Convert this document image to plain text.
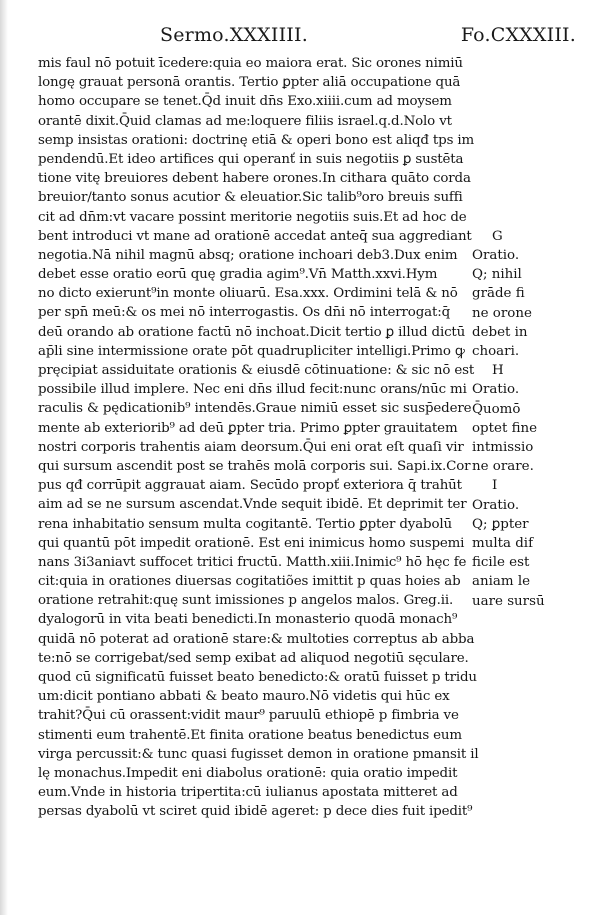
Sermo.XXXIIII.	Fo.CXXXIII.
mis faul nō potuit īcedere:quia eo maiora erat. Sic orones nimiū
longę grauat personā orantis. Tertio ꝑpter aliā occupatione quā
homo occupare se tenet.Q̄d inuit dn̄s Exo.xiiii.cum ad moysem
orantē dixit.Q̄uid clamas ad me:loquere filiis israel.q.d.Nolo vt
semp insistas orationi: doctrinę etiā & operi bono est aliqđ tps im
pendendū.Et ideo artifices qui operanť in suis negotiis ꝑ sustēta
tione vitę breuiores debent habere orones.In cithara quāto corda
breuior/tanto sonus acutior & eleuatior.Sic talib⁹oro breuis suffi
cit ad dn̄m:vt vacare possint meritorie negotiis suis.Et ad hoc de
bent introduci vt mane ad orationē accedat anteq̄ sua aggrediant
negotia.Nā nihil magnū absq; oratione inchoari deb3.Dux enim
debet esse oratio eorū quę gradia agim⁹.Vn̄ Matth.xxvi.Hym
no dicto exierunt⁹in monte oliuarū. Esa.xxx. Ordimini telā & nō
per spn̄ meū:& os mei nō interrogastis. Os dn̄i nō interrogat:q̄
deū orando ab oratione factū nō inchoat.Dicit tertio ꝑ illud dictū
ap̄li sine intermissione orate pōt quadrupliciter intelligi.Primo ꝙ
pręcipiat assiduitate orationis & eiusdē cōtinuatione: & sic nō est
possibile illud implere. Nec eni dn̄s illud fecit:nunc orans/nūc mi
raculis & pędicationib⁹ intendēs.Graue nimiū esset sic susp̄edere
mente ab exteriorib⁹ ad deū ꝑpter tria. Primo ꝑpter grauitatem
nostri corporis trahentis aiam deorsum.Q̄ui eni orat eſt quaſi vir
qui sursum ascendit post se trahēs molā corporis sui. Sapi.ix.Cor
pus qđ corrūpit aggrauat aiam. Secūdo propť exteriora q̄ trahūt
aim ad se ne sursum ascendat.Vnde sequit ibidē. Et deprimit ter
rena inhabitatio sensum multa cogitantē. Tertio ꝑpter dyabolū
qui quantū pōt impedit orationē. Est eni inimicus homo suspemi
nans 3i3aniavt suffocet tritici fructū. Matth.xiii.Inimic⁹ hō hęc fe
cit:quia in orationes diuersas cogitatiões imittit p quas hoies ab
oratione retrahit:quę sunt imissiones p angelos malos. Greg.ii.
dyalogorū in vita beati benedicti.In monasterio quodā monach⁹
quidā nō poterat ad orationē stare:& multoties correptus ab abba
te:nō se corrigebat/sed semp exibat ad aliquod negotiū sęculare.
quod cū significatū fuisset beato benedicto:& oratū fuisset p tridu
um:dicit pontiano abbati & beato mauro.Nō videtis qui hūc ex
trahit?Q̄ui cū orassent:vidit maur⁹ paruulū ethiopē p fimbria ve
stimenti eum trahentē.Et finita oratione beatus benedictus eum
virga percussit:& tunc quasi fugisset demon in oratione pmansit il
lę monachus.Impedit eni diabolus orationē: quia oratio impedit
eum.Vnde in historia tripertita:cū iulianus apostata mitteret ad
persas dyabolū vt sciret quid ibidē ageret: p dece dies fuit ipedit⁹
G
Oratio.
Q; nihil
grāde fi
ne orone
debet in
choari.
H
Oratio.
Q̄uomō
optet fine
intmissio
ne orare.
I
Oratio.
Q; ꝑpter
multa dif
ficile est
aniam le
uare sursū
